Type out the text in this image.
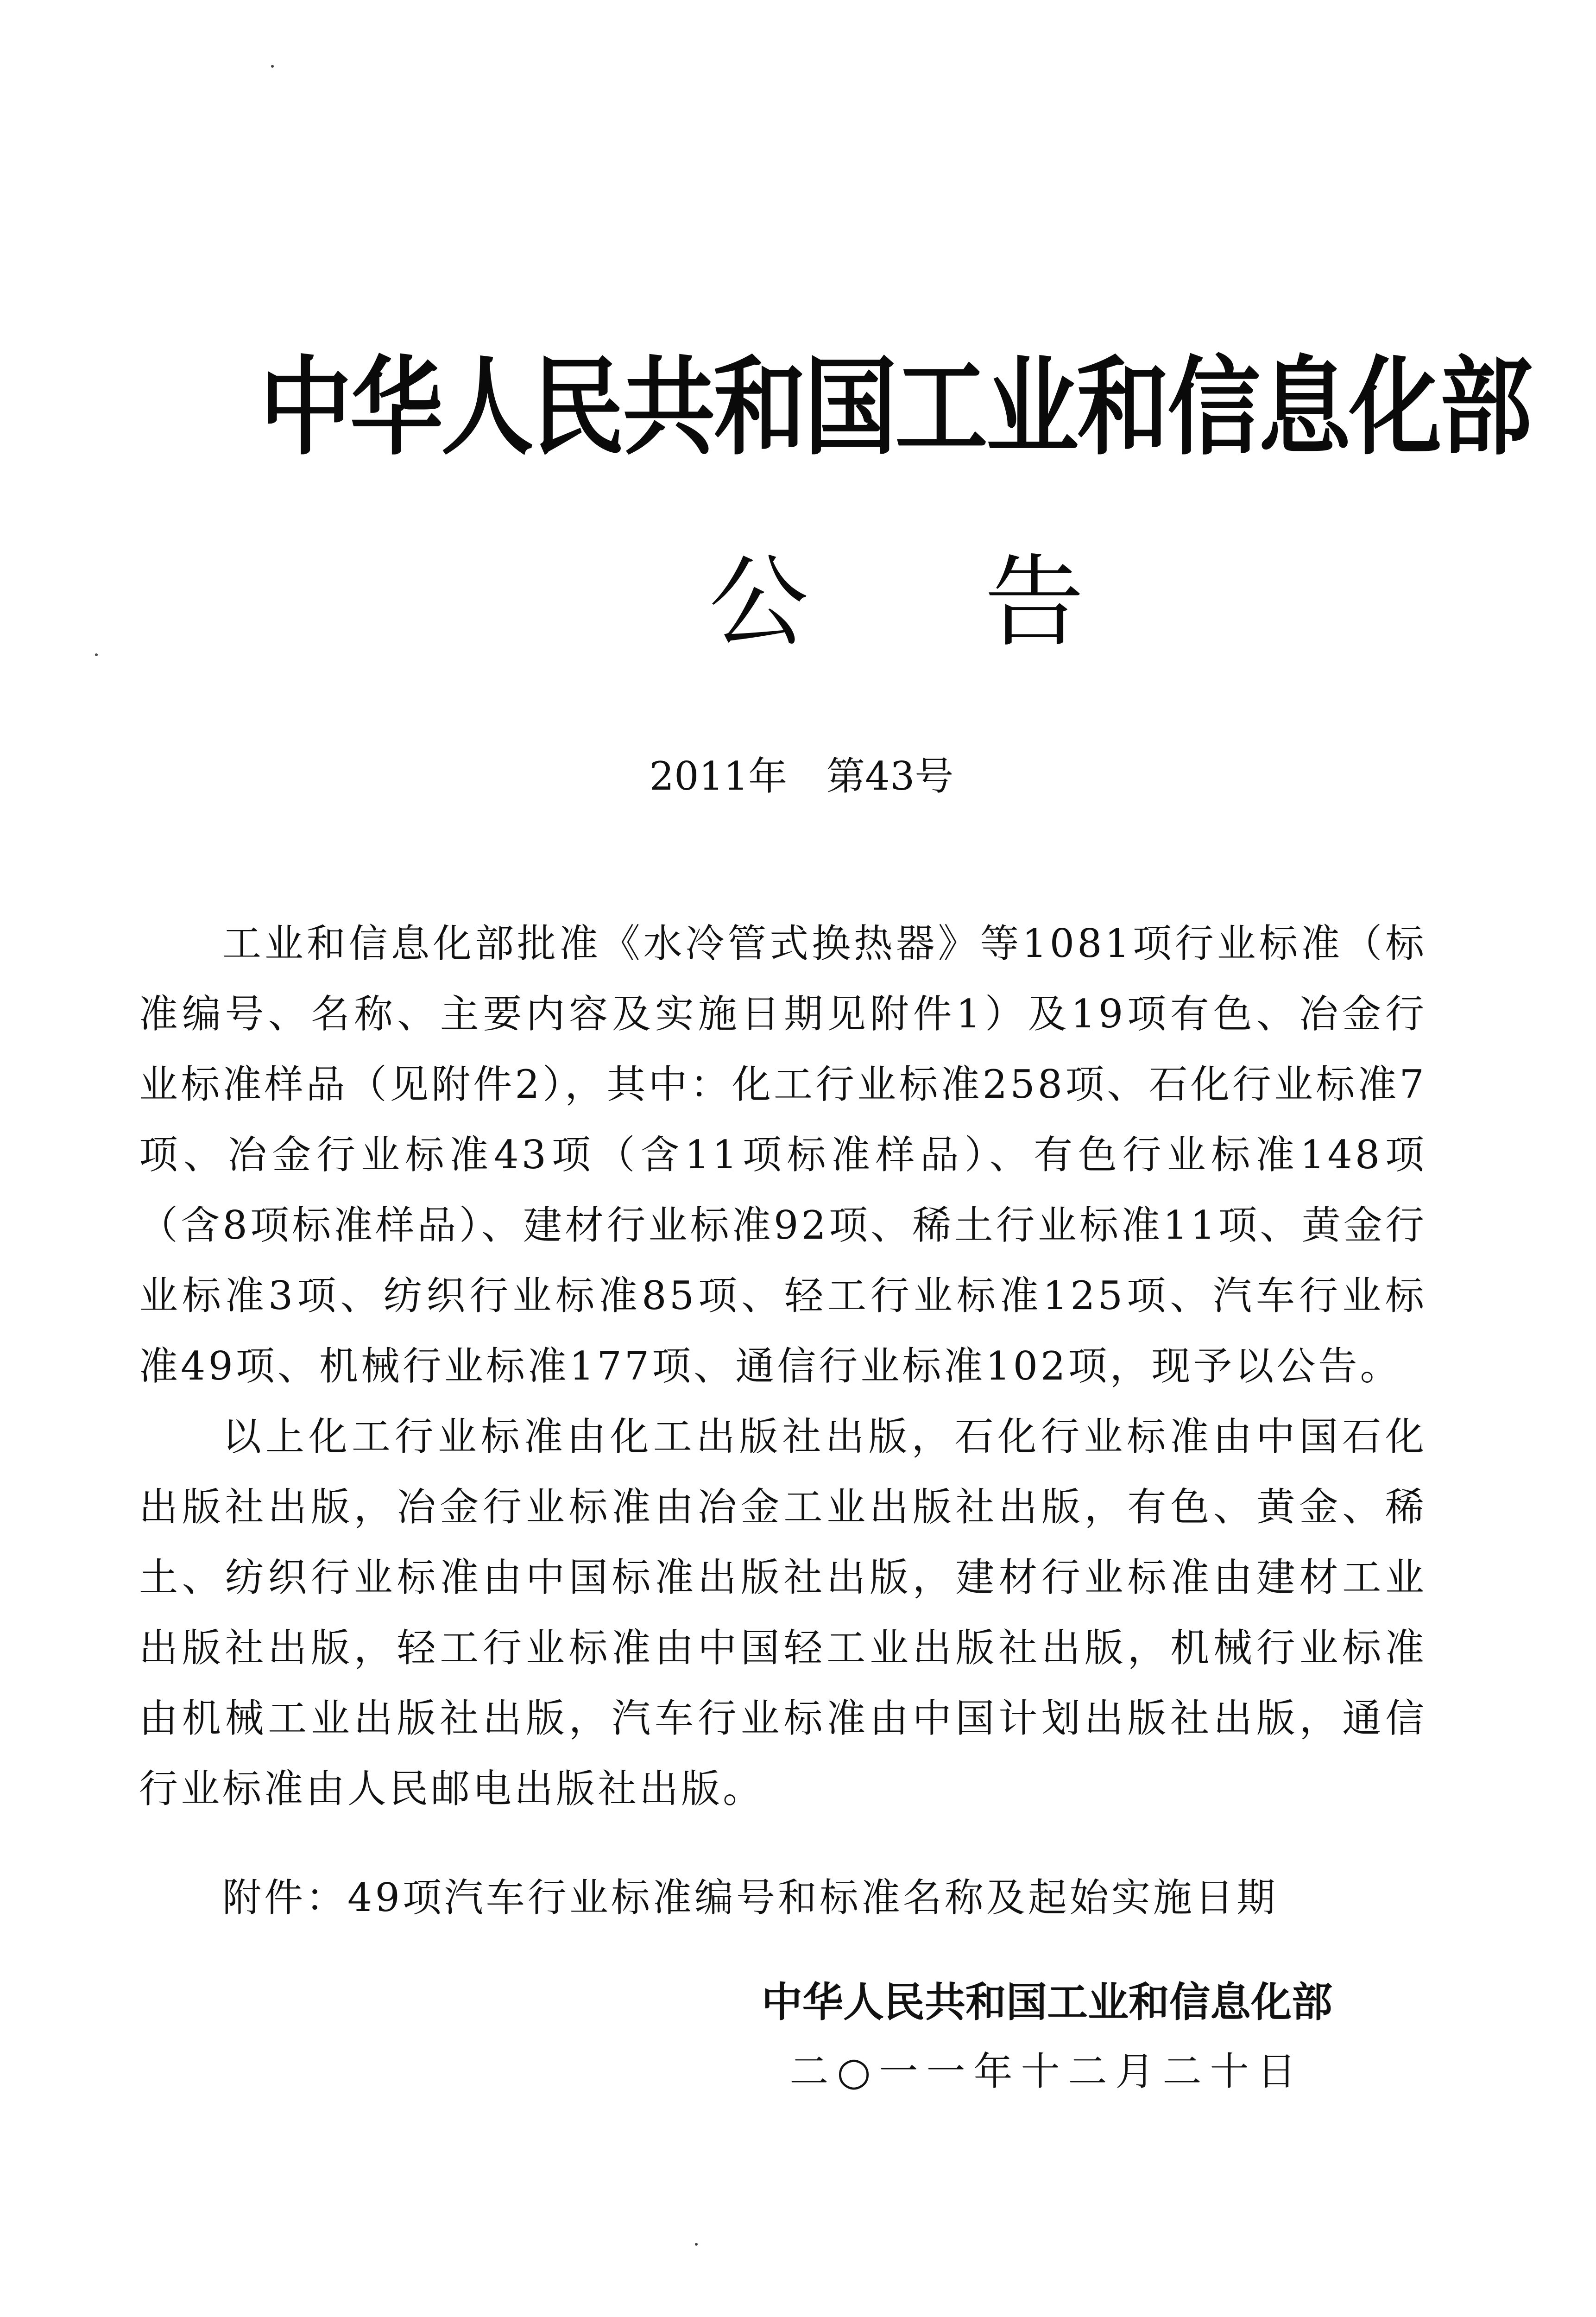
中华人民共和国工业和信息化部
公告
2011年　第43号

工业和信息化部批准《水冷管式换热器》等1081项行业标准（标准编号、名称、主要内容及实施日期见附件1）及19项有色、冶金行业标准样品（见附件2），其中：化工行业标准258项、石化行业标准7项、冶金行业标准43项（含11项标准样品）、有色行业标准148项（含8项标准样品）、建材行业标准92项、稀土行业标准11项、黄金行业标准3项、纺织行业标准85项、轻工行业标准125项、汽车行业标准49项、机械行业标准177项、通信行业标准102项，现予以公告。

以上化工行业标准由化工出版社出版，石化行业标准由中国石化出版社出版，冶金行业标准由冶金工业出版社出版，有色、黄金、稀土、纺织行业标准由中国标准出版社出版，建材行业标准由建材工业出版社出版，轻工行业标准由中国轻工业出版社出版，机械行业标准由机械工业出版社出版，汽车行业标准由中国计划出版社出版，通信行业标准由人民邮电出版社出版。

附件：49项汽车行业标准编号和标准名称及起始实施日期
中华人民共和国工业和信息化部
二○一一年十二月二十日
